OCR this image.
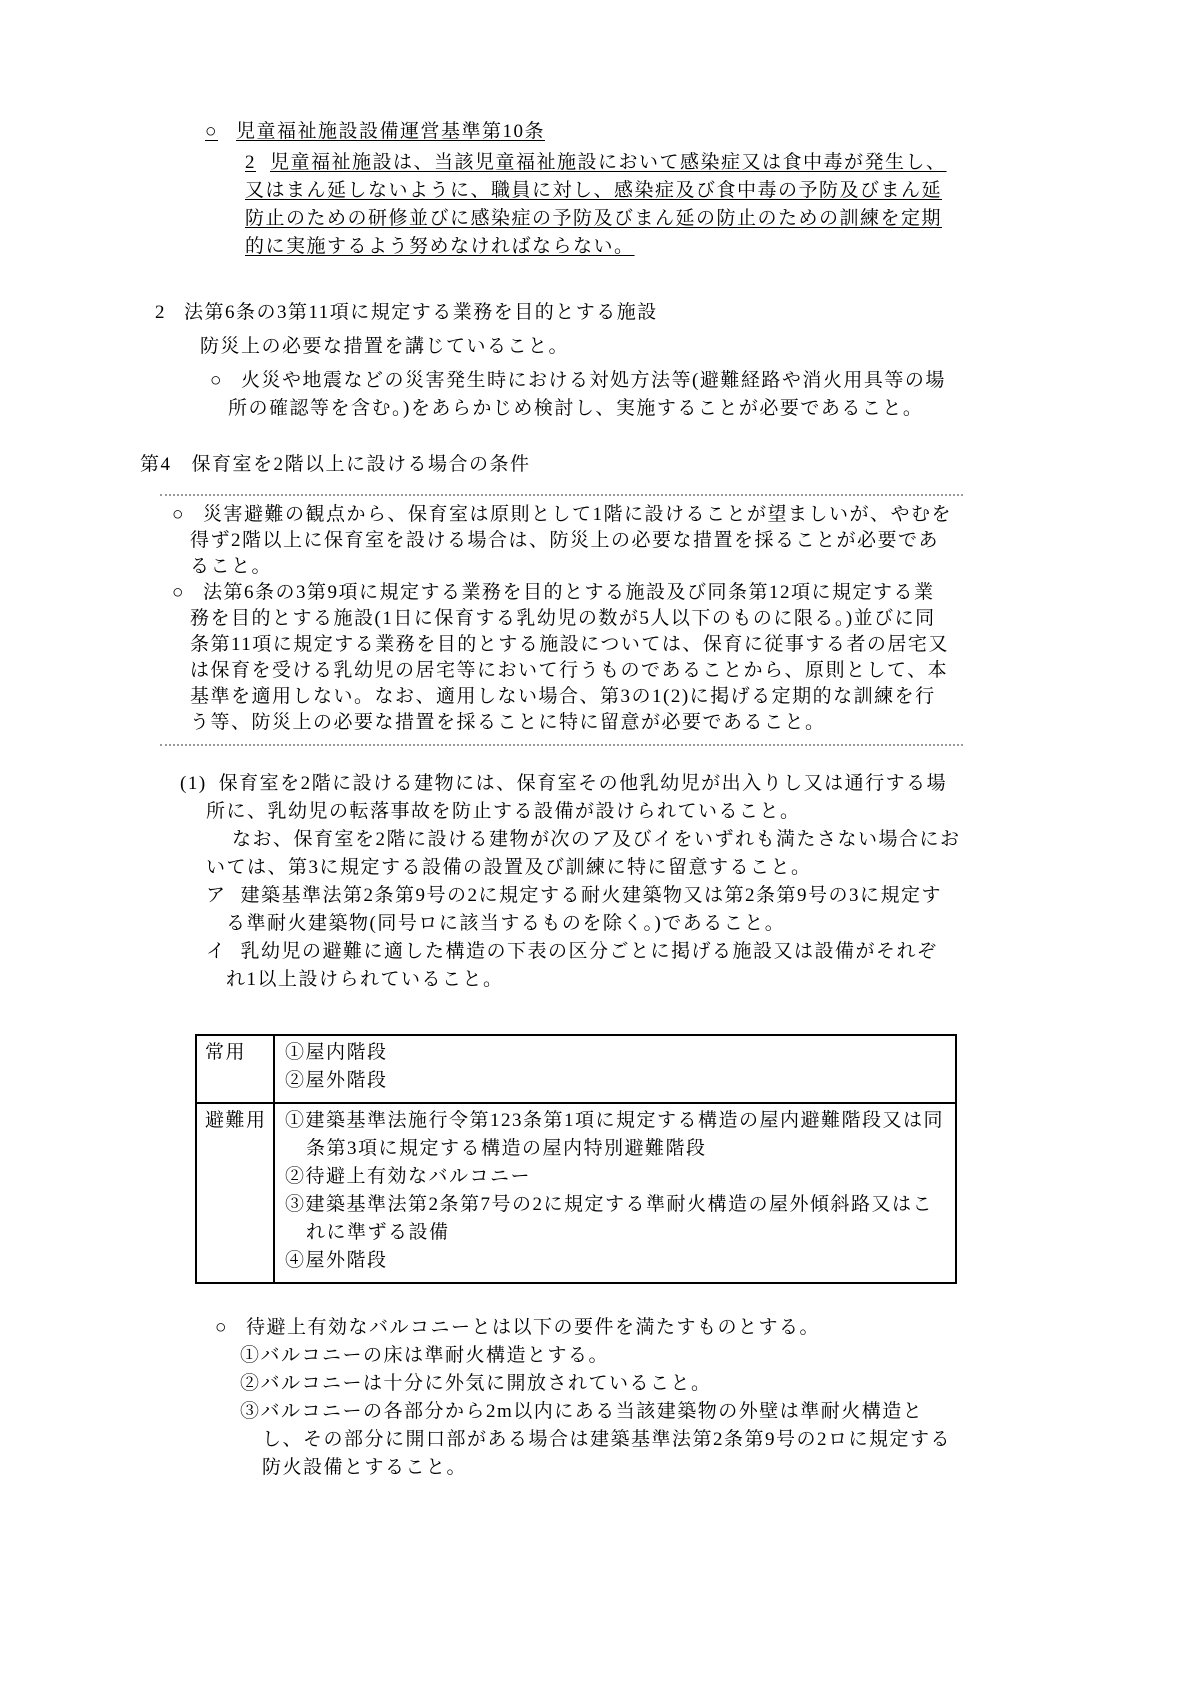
○ 児童福祉施設設備運営基準第10条

2 児童福祉施設は、当該児童福祉施設において感染症又は食中毒が発生し、又はまん延しないように、職員に対し、感染症及び食中毒の予防及びまん延防止のための研修並びに感染症の予防及びまん延の防止のための訓練を定期的に実施するよう努めなければならない。

2 法第6条の3第11項に規定する業務を目的とする施設

防災上の必要な措置を講じていること。

○ 火災や地震などの災害発生時における対処方法等(避難経路や消火用具等の場所の確認等を含む。)をあらかじめ検討し、実施することが必要であること。

第4 保育室を2階以上に設ける場合の条件

○ 災害避難の観点から、保育室は原則として1階に設けることが望ましいが、やむを得ず2階以上に保育室を設ける場合は、防災上の必要な措置を採ることが必要であること。

○ 法第6条の3第9項に規定する業務を目的とする施設及び同条第12項に規定する業務を目的とする施設(1日に保育する乳幼児の数が5人以下のものに限る。)並びに同条第11項に規定する業務を目的とする施設については、保育に従事する者の居宅又は保育を受ける乳幼児の居宅等において行うものであることから、原則として、本基準を適用しない。なお、適用しない場合、第3の1(2)に掲げる定期的な訓練を行う等、防災上の必要な措置を採ることに特に留意が必要であること。

(1) 保育室を2階に設ける建物には、保育室その他乳幼児が出入りし又は通行する場所に、乳幼児の転落事故を防止する設備が設けられていること。

なお、保育室を2階に設ける建物が次のア及びイをいずれも満たさない場合においては、第3に規定する設備の設置及び訓練に特に留意すること。

ア 建築基準法第2条第9号の2に規定する耐火建築物又は第2条第9号の3に規定する準耐火建築物(同号ロに該当するものを除く。)であること。

イ 乳幼児の避難に適した構造の下表の区分ごとに掲げる施設又は設備がそれぞれ1以上設けられていること。

常用	①屋内階段
②屋外階段

避難用	①建築基準法施行令第123条第1項に規定する構造の屋内避難階段又は同条第3項に規定する構造の屋内特別避難階段
②待避上有効なバルコニー
③建築基準法第2条第7号の2に規定する準耐火構造の屋外傾斜路又はこれに準ずる設備
④屋外階段

○ 待避上有効なバルコニーとは以下の要件を満たすものとする。

①バルコニーの床は準耐火構造とする。

②バルコニーは十分に外気に開放されていること。

③バルコニーの各部分から2m以内にある当該建築物の外壁は準耐火構造とし、その部分に開口部がある場合は建築基準法第2条第9号の2ロに規定する防火設備とすること。
